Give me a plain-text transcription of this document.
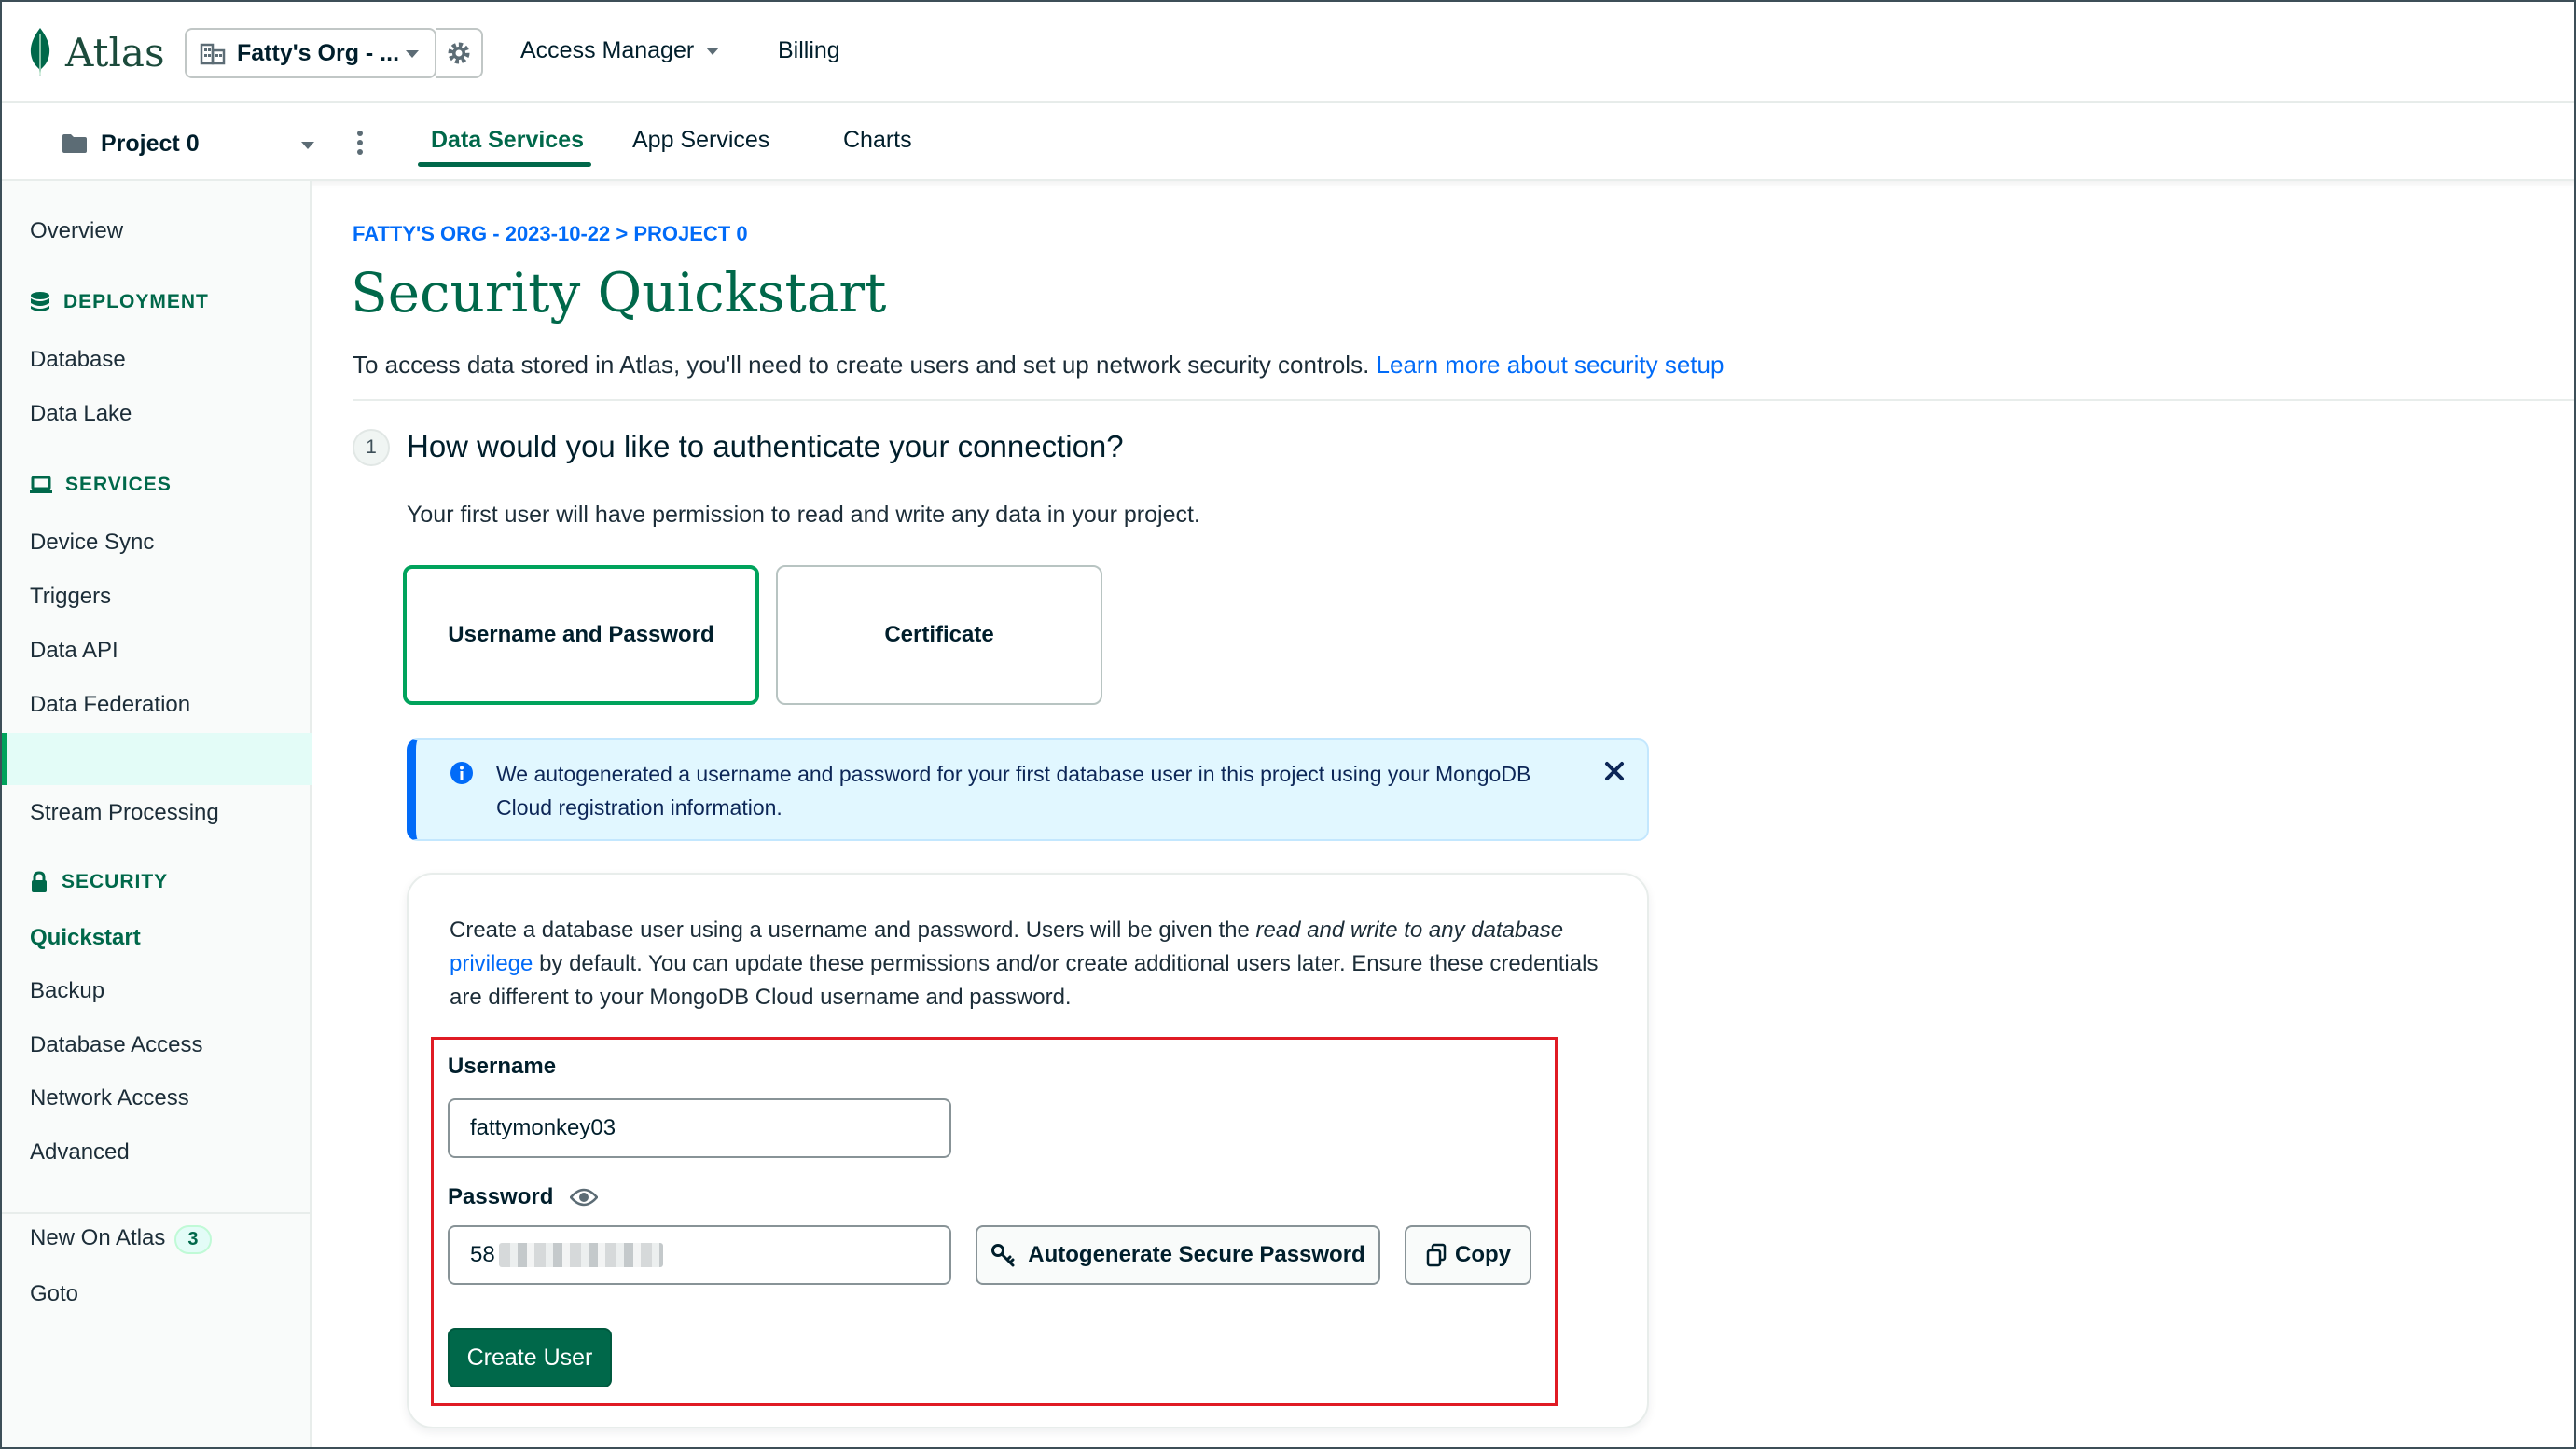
Atlas	Fatty's Org - ...	Access Manager	Billing
Project 0	Data Services App Services	Charts
Overview
DEPLOYMENT
Database
Data Lake
SERVICES
Device Sync
Triggers
Data API
Data Federation
Stream Processing
SECURITY
Quickstart
Backup
Database Access
Network Access
Advanced
New On Atlas 3
Goto
FATTY'S ORG - 2023-10-22 > PROJECT 0
Security Quickstart
To access data stored in Atlas, you'll need to create users and set up network security controls. Learn more about security setup
1 How would you like to authenticate your connection?
Your first user will have permission to read and write any data in your project.
Username and Password	Certificate
We autogenerated a username and password for your first database user in this project using your MongoDB Cloud registration information.
Create a database user using a username and password. Users will be given the read and write to any database privilege by default. You can update these permissions and/or create additional users later. Ensure these credentials are different to your MongoDB Cloud username and password.
Username
fattymonkey03
Password
58	Autogenerate Secure Password	Copy
Create User
